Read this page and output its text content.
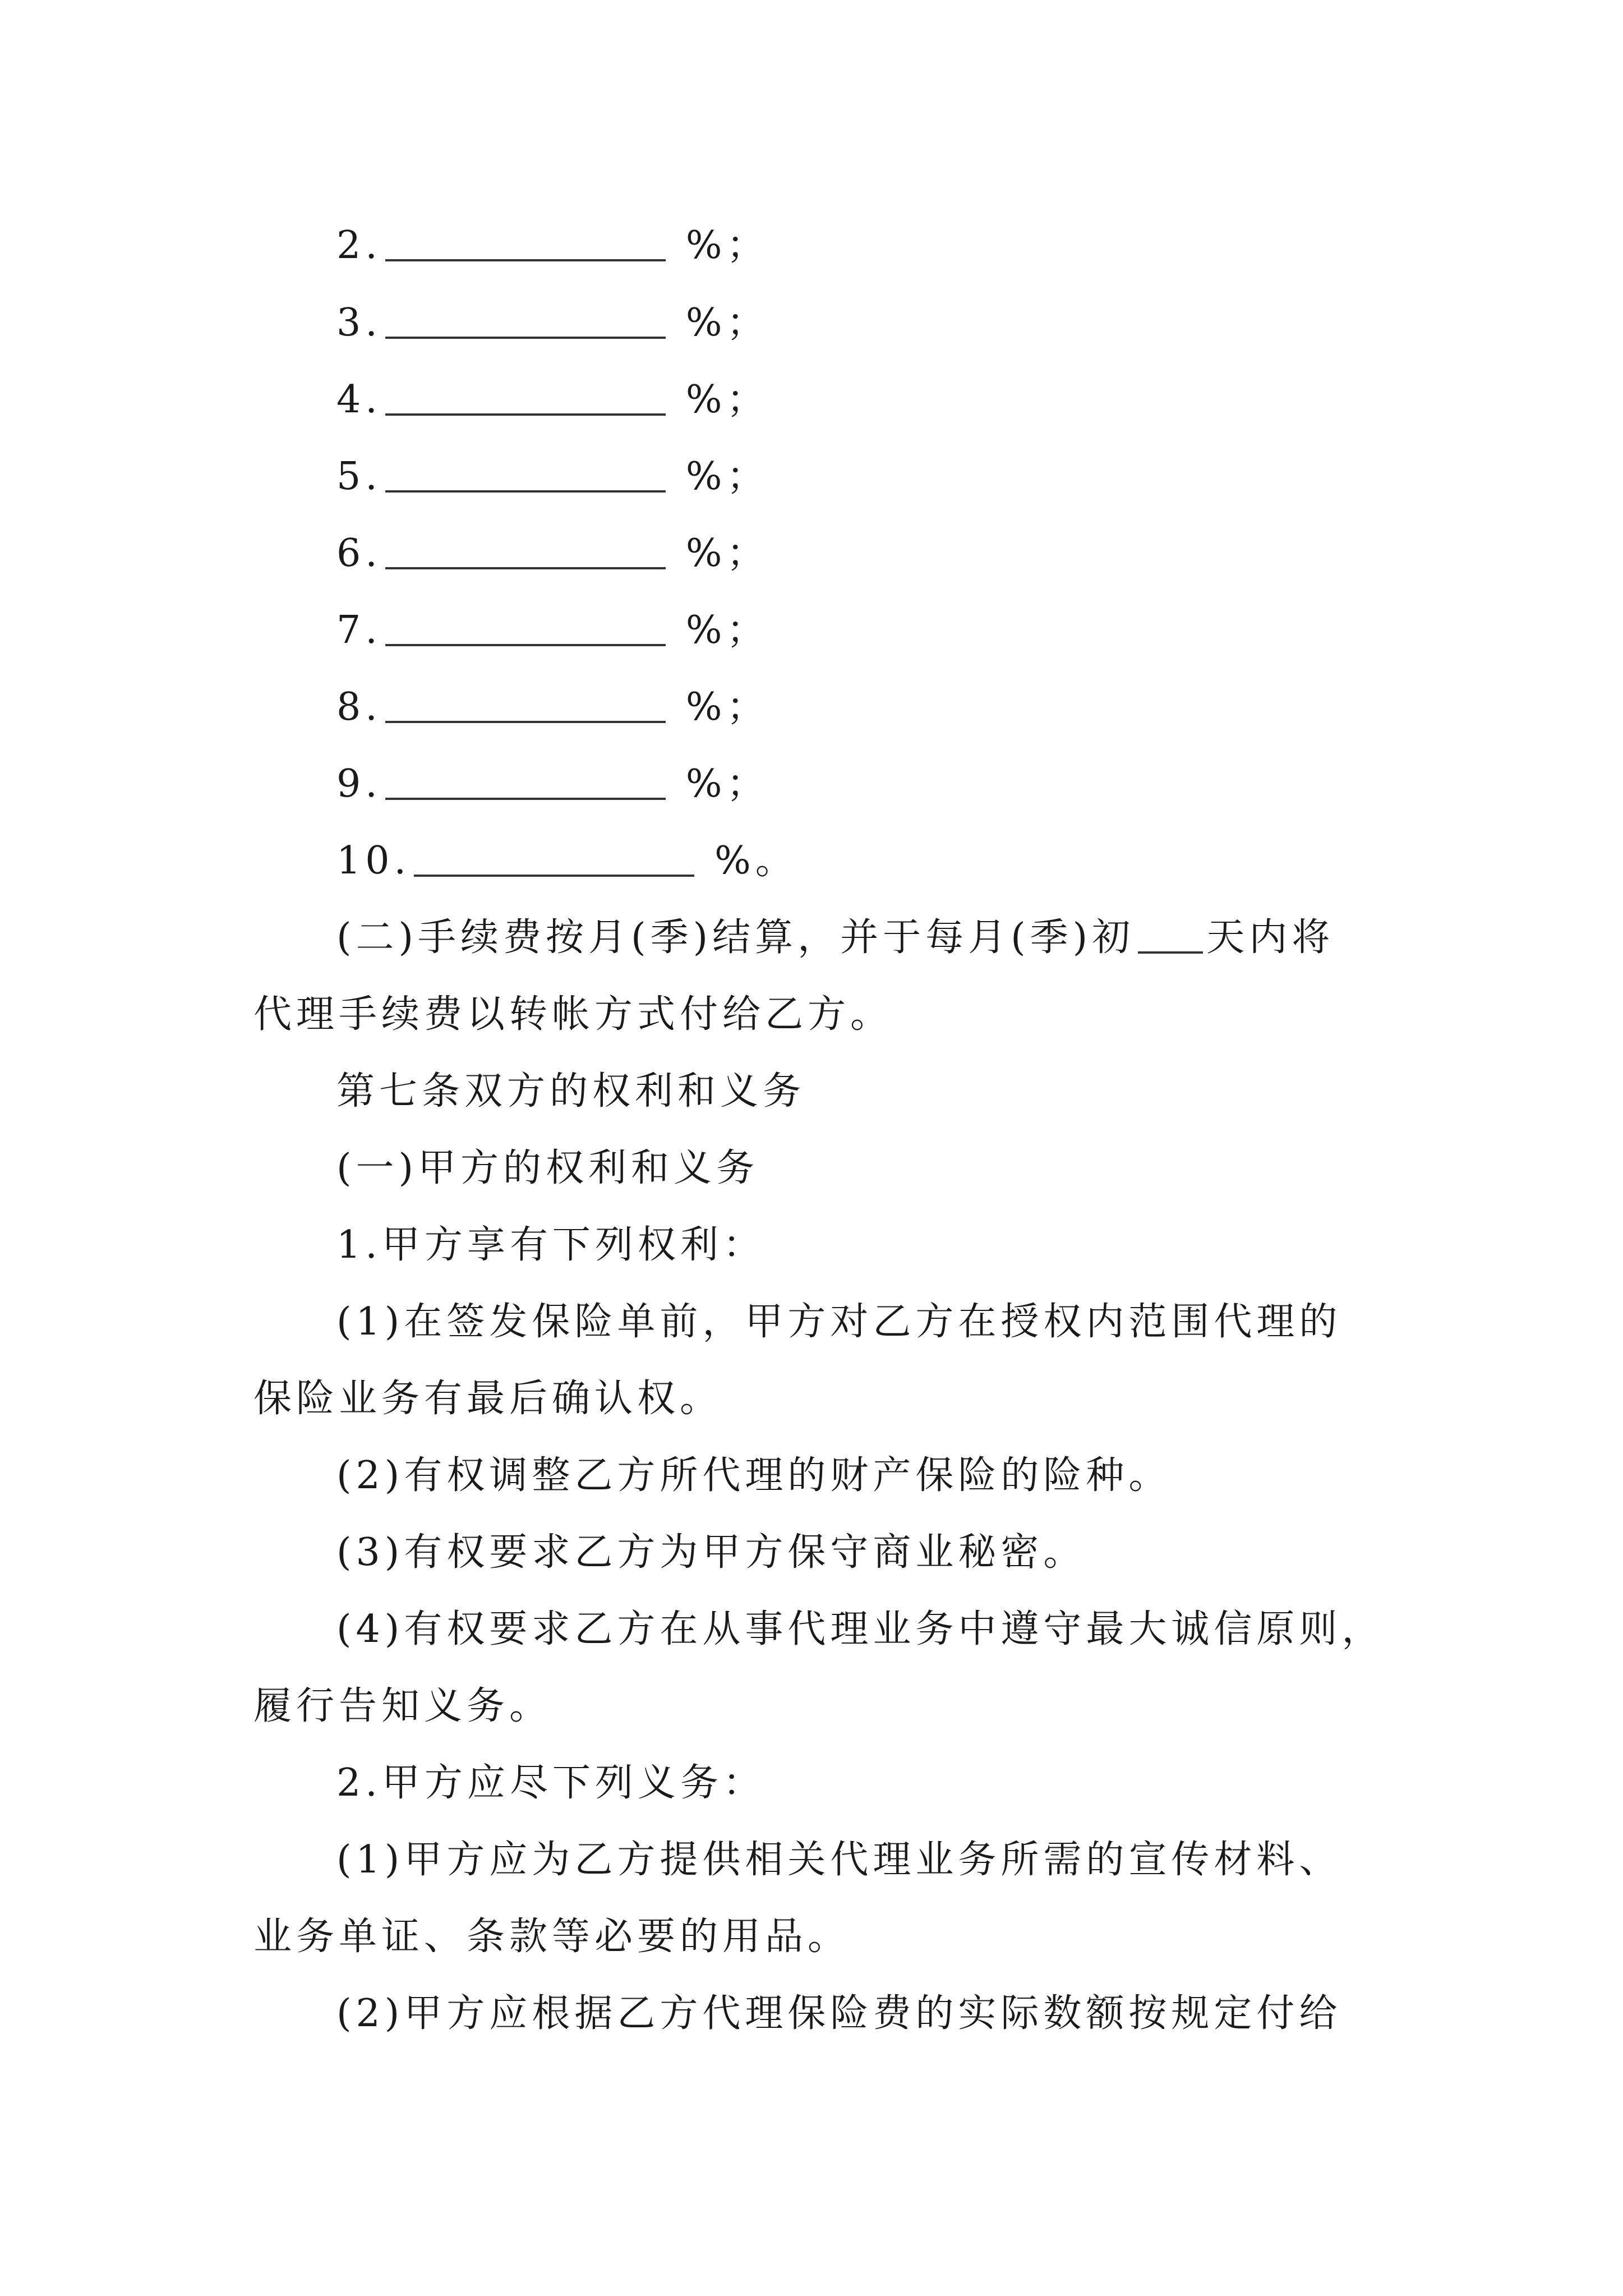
2.	%；
3.	%；
4.	%；
5.	%；
6.	%；
7.	%；
8.	%；
9.	%；
10.	%。
(二)手续费按月(季)结算，并于每月(季)初 天内将
代理手续费以转帐方式付给乙方。
第七条双方的权利和义务
(一)甲方的权利和义务
1.甲方享有下列权利：
(1)在签发保险单前，甲方对乙方在授权内范围代理的
保险业务有最后确认权。
(2)有权调整乙方所代理的财产保险的险种。
(3)有权要求乙方为甲方保守商业秘密。
(4)有权要求乙方在从事代理业务中遵守最大诚信原则，
履行告知义务。
2.甲方应尽下列义务：
(1)甲方应为乙方提供相关代理业务所需的宣传材料、
业务单证、条款等必要的用品。
(2)甲方应根据乙方代理保险费的实际数额按规定付给
